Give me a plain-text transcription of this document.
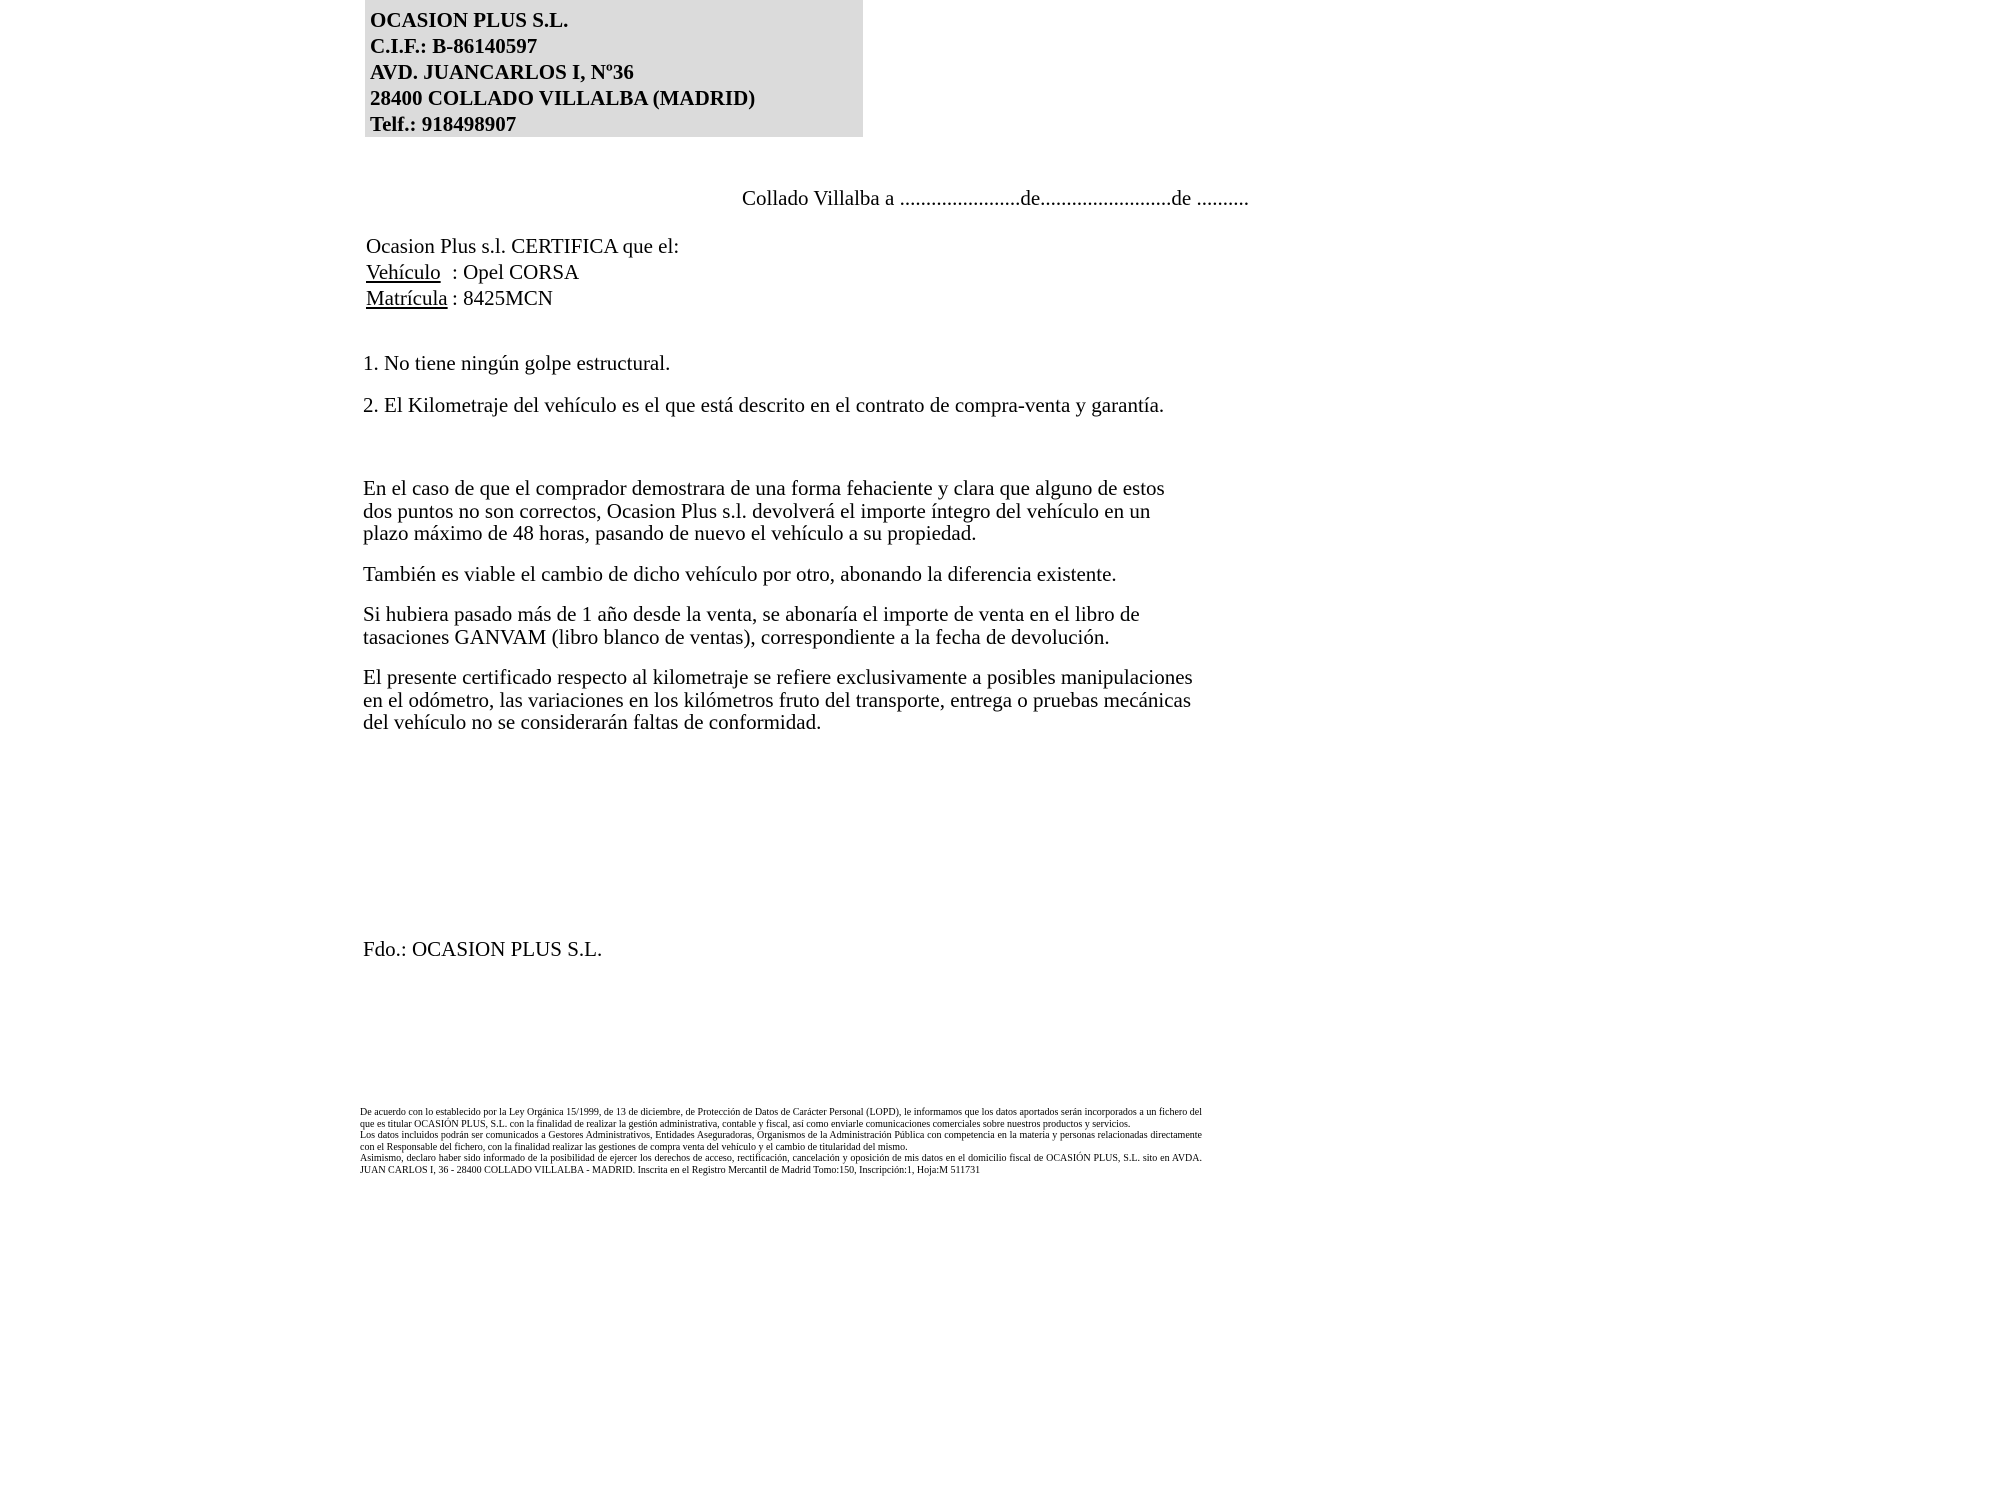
OCASION PLUS S.L.
C.I.F.: B-86140597
AVD. JUANCARLOS I, Nº36
28400 COLLADO VILLALBA (MADRID)
Telf.: 918498907
Collado Villalba a .......................de.........................de ..........
Ocasion Plus s.l. CERTIFICA que el:
Vehículo : Opel CORSA
Matrícula : 8425MCN

1. No tiene ningún golpe estructural.

2. El Kilometraje del vehículo es el que está descrito en el contrato de compra-venta y garantía.

En el caso de que el comprador demostrara de una forma fehaciente y clara que alguno de estos dos puntos no son correctos, Ocasion Plus s.l. devolverá el importe íntegro del vehículo en un plazo máximo de 48 horas, pasando de nuevo el vehículo a su propiedad.

También es viable el cambio de dicho vehículo por otro, abonando la diferencia existente.

Si hubiera pasado más de 1 año desde la venta, se abonaría el importe de venta en el libro de tasaciones GANVAM (libro blanco de ventas), correspondiente a la fecha de devolución.

El presente certificado respecto al kilometraje se refiere exclusivamente a posibles manipulaciones en el odómetro, las variaciones en los kilómetros fruto del transporte, entrega o pruebas mecánicas del vehículo no se considerarán faltas de conformidad.

Fdo.: OCASION PLUS S.L.
De acuerdo con lo establecido por la Ley Orgánica 15/1999, de 13 de diciembre, de Protección de Datos de Carácter Personal (LOPD), le informamos que los datos aportados serán incorporados a un fichero del que es titular OCASIÓN PLUS, S.L. con la finalidad de realizar la gestión administrativa, contable y fiscal, así como enviarle comunicaciones comerciales sobre nuestros productos y servicios.
Los datos incluidos podrán ser comunicados a Gestores Administrativos, Entidades Aseguradoras, Organismos de la Administración Pública con competencia en la materia y personas relacionadas directamente con el Responsable del fichero, con la finalidad realizar las gestiones de compra venta del vehículo y el cambio de titularidad del mismo.
Asimismo, declaro haber sido informado de la posibilidad de ejercer los derechos de acceso, rectificación, cancelación y oposición de mis datos en el domicilio fiscal de OCASIÓN PLUS, S.L. sito en AVDA. JUAN CARLOS I, 36 - 28400 COLLADO VILLALBA - MADRID. Inscrita en el Registro Mercantil de Madrid Tomo:150, Inscripción:1, Hoja:M 511731
